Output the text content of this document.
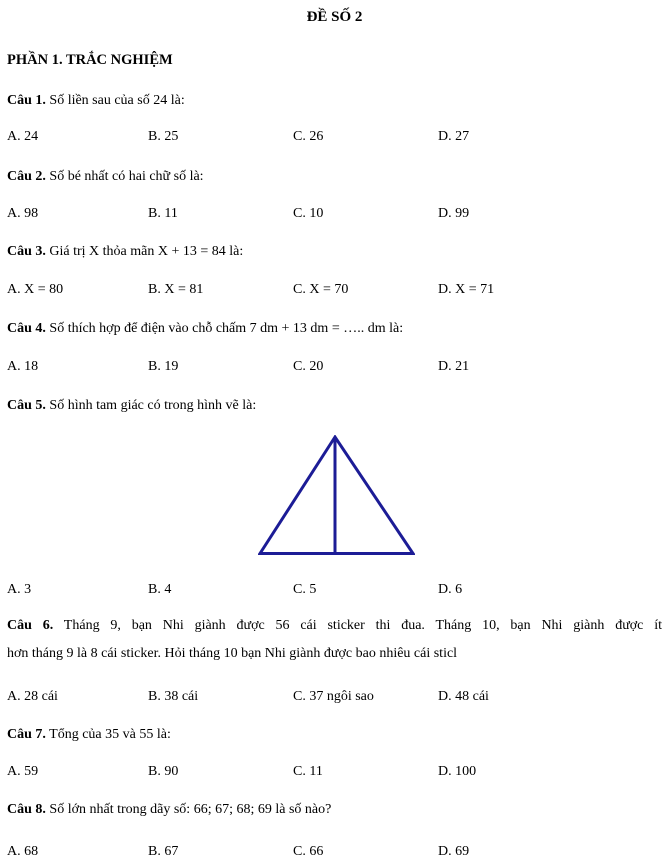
ĐỀ SỐ 2

PHẦN 1. TRẮC NGHIỆM

Câu 1. Số liền sau của số 24 là:

A. 24	B. 25	C. 26	D. 27

Câu 2. Số bé nhất có hai chữ số là:

A. 98	B. 11	C. 10	D. 99

Câu 3. Giá trị X thỏa mãn X + 13 = 84 là:

A. X = 80	B. X = 81	C. X = 70	D. X = 71

Câu 4. Số thích hợp để điện vào chỗ chấm 7 dm + 13 dm = ….. dm là:

A. 18	B. 19	C. 20	D. 21

Câu 5. Số hình tam giác có trong hình vẽ là:

A. 3	B. 4	C. 5	D. 6
Câu 6. Tháng 9, bạn Nhi giành được 56 cái sticker thi đua. Tháng 10, bạn Nhi giành được ít
hơn tháng 9 là 8 cái sticker. Hỏi tháng 10 bạn Nhi giành được bao nhiêu cái sticl
A. 28 cái	B. 38 cái	C. 37 ngôi sao	D. 48 cái

Câu 7. Tổng của 35 và 55 là:

A. 59	B. 90	C. 11	D. 100

Câu 8. Số lớn nhất trong dãy số: 66; 67; 68; 69 là số nào?

A. 68	B. 67	C. 66	D. 69
